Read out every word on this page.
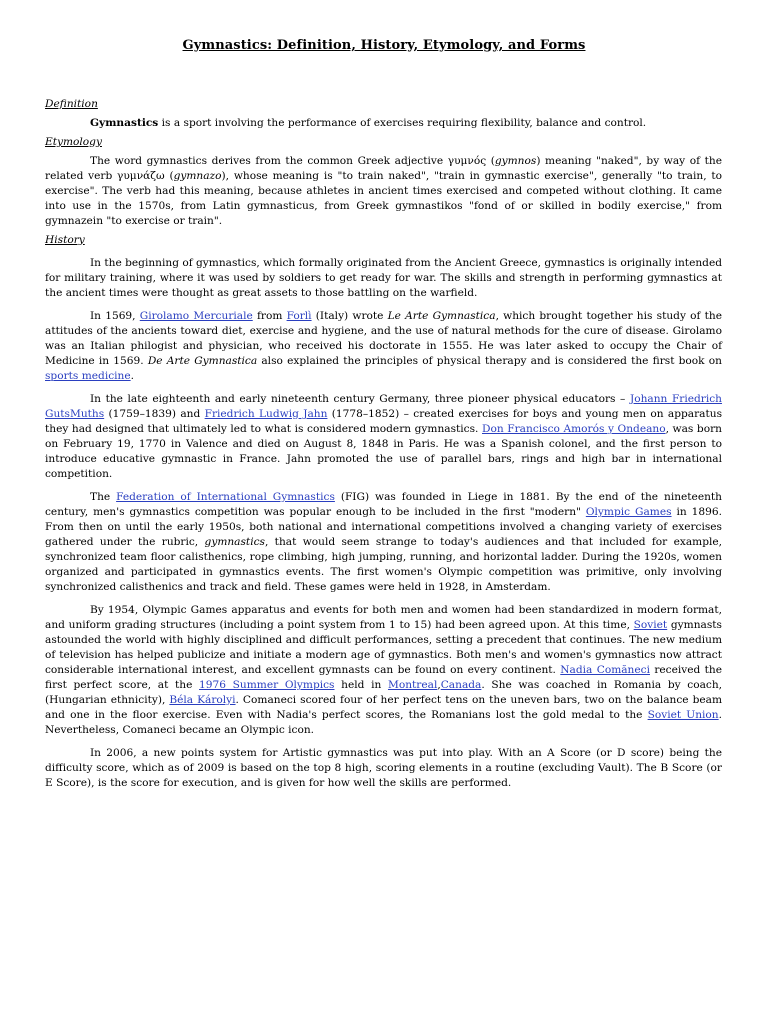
Gymnastics: Definition, History, Etymology, and Forms
Definition

Gymnastics is a sport involving the performance of exercises requiring flexibility, balance and control.

Etymology

The word gymnastics derives from the common Greek adjective γυμνός (gymnos) meaning "naked", by way of the related verb γυμνάζω (gymnazo), whose meaning is "to train naked", "train in gymnastic exercise", generally "to train, to exercise". The verb had this meaning, because athletes in ancient times exercised and competed without clothing. It came into use in the 1570s, from Latin gymnasticus, from Greek gymnastikos "fond of or skilled in bodily exercise," from gymnazein "to exercise or train".

History

In the beginning of gymnastics, which formally originated from the Ancient Greece, gymnastics is originally intended for military training, where it was used by soldiers to get ready for war. The skills and strength in performing gymnastics at the ancient times were thought as great assets to those battling on the warfield.

In 1569, Girolamo Mercuriale from Forlì (Italy) wrote Le Arte Gymnastica, which brought together his study of the attitudes of the ancients toward diet, exercise and hygiene, and the use of natural methods for the cure of disease. Girolamo was an Italian philogist and physician, who received his doctorate in 1555. He was later asked to occupy the Chair of Medicine in 1569. De Arte Gymnastica also explained the principles of physical therapy and is considered the first book on sports medicine.

In the late eighteenth and early nineteenth century Germany, three pioneer physical educators – Johann Friedrich GutsMuths (1759–1839) and Friedrich Ludwig Jahn (1778–1852) – created exercises for boys and young men on apparatus they had designed that ultimately led to what is considered modern gymnastics. Don Francisco Amorós y Ondeano, was born on February 19, 1770 in Valence and died on August 8, 1848 in Paris. He was a Spanish colonel, and the first person to introduce educative gymnastic in France. Jahn promoted the use of parallel bars, rings and high bar in international competition.

The Federation of International Gymnastics (FIG) was founded in Liege in 1881. By the end of the nineteenth century, men's gymnastics competition was popular enough to be included in the first "modern" Olympic Games in 1896. From then on until the early 1950s, both national and international competitions involved a changing variety of exercises gathered under the rubric, gymnastics, that would seem strange to today's audiences and that included for example, synchronized team floor calisthenics, rope climbing, high jumping, running, and horizontal ladder. During the 1920s, women organized and participated in gymnastics events. The first women's Olympic competition was primitive, only involving synchronized calisthenics and track and field. These games were held in 1928, in Amsterdam.

By 1954, Olympic Games apparatus and events for both men and women had been standardized in modern format, and uniform grading structures (including a point system from 1 to 15) had been agreed upon. At this time, Soviet gymnasts astounded the world with highly disciplined and difficult performances, setting a precedent that continues. The new medium of television has helped publicize and initiate a modern age of gymnastics. Both men's and women's gymnastics now attract considerable international interest, and excellent gymnasts can be found on every continent. Nadia Comăneci received the first perfect score, at the 1976 Summer Olympics held in Montreal,Canada. She was coached in Romania by coach, (Hungarian ethnicity), Béla Károlyi. Comaneci scored four of her perfect tens on the uneven bars, two on the balance beam and one in the floor exercise. Even with Nadia's perfect scores, the Romanians lost the gold medal to the Soviet Union. Nevertheless, Comaneci became an Olympic icon.

In 2006, a new points system for Artistic gymnastics was put into play. With an A Score (or D score) being the difficulty score, which as of 2009 is based on the top 8 high, scoring elements in a routine (excluding Vault). The B Score (or E Score), is the score for execution, and is given for how well the skills are performed.
